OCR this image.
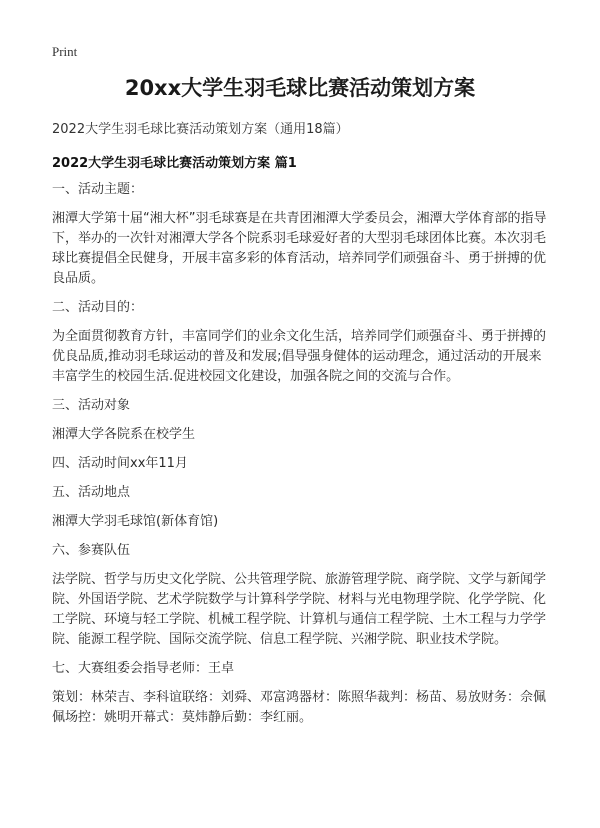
Print
20xx大学生羽毛球比赛活动策划方案
2022大学生羽毛球比赛活动策划方案（通用18篇）
2022大学生羽毛球比赛活动策划方案 篇1

一、活动主题：

湘潭大学第十届“湘大杯”羽毛球赛是在共青团湘潭大学委员会，湘潭大学体育部的指导下，举办的一次针对湘潭大学各个院系羽毛球爱好者的大型羽毛球团体比赛。本次羽毛球比赛提倡全民健身，开展丰富多彩的体育活动，培养同学们顽强奋斗、勇于拼搏的优良品质。

二、活动目的：

为全面贯彻教育方针，丰富同学们的业余文化生活，培养同学们顽强奋斗、勇于拼搏的优良品质,推动羽毛球运动的普及和发展;倡导强身健体的运动理念，通过活动的开展来丰富学生的校园生活.促进校园文化建设，加强各院之间的交流与合作。

三、活动对象

湘潭大学各院系在校学生

四、活动时间xx年11月

五、活动地点

湘潭大学羽毛球馆(新体育馆)

六、参赛队伍

法学院、哲学与历史文化学院、公共管理学院、旅游管理学院、商学院、文学与新闻学院、外国语学院、艺术学院数学与计算科学学院、材料与光电物理学院、化学学院、化工学院、环境与轻工学院、机械工程学院、计算机与通信工程学院、土木工程与力学学院、能源工程学院、国际交流学院、信息工程学院、兴湘学院、职业技术学院。

七、大赛组委会指导老师：王卓

策划：林荣吉、李科谊联络：刘舜、邓富鸿器材：陈照华裁判：杨苗、易放财务：佘佩佩场控：姚明开幕式：莫炜静后勤：李红丽。
